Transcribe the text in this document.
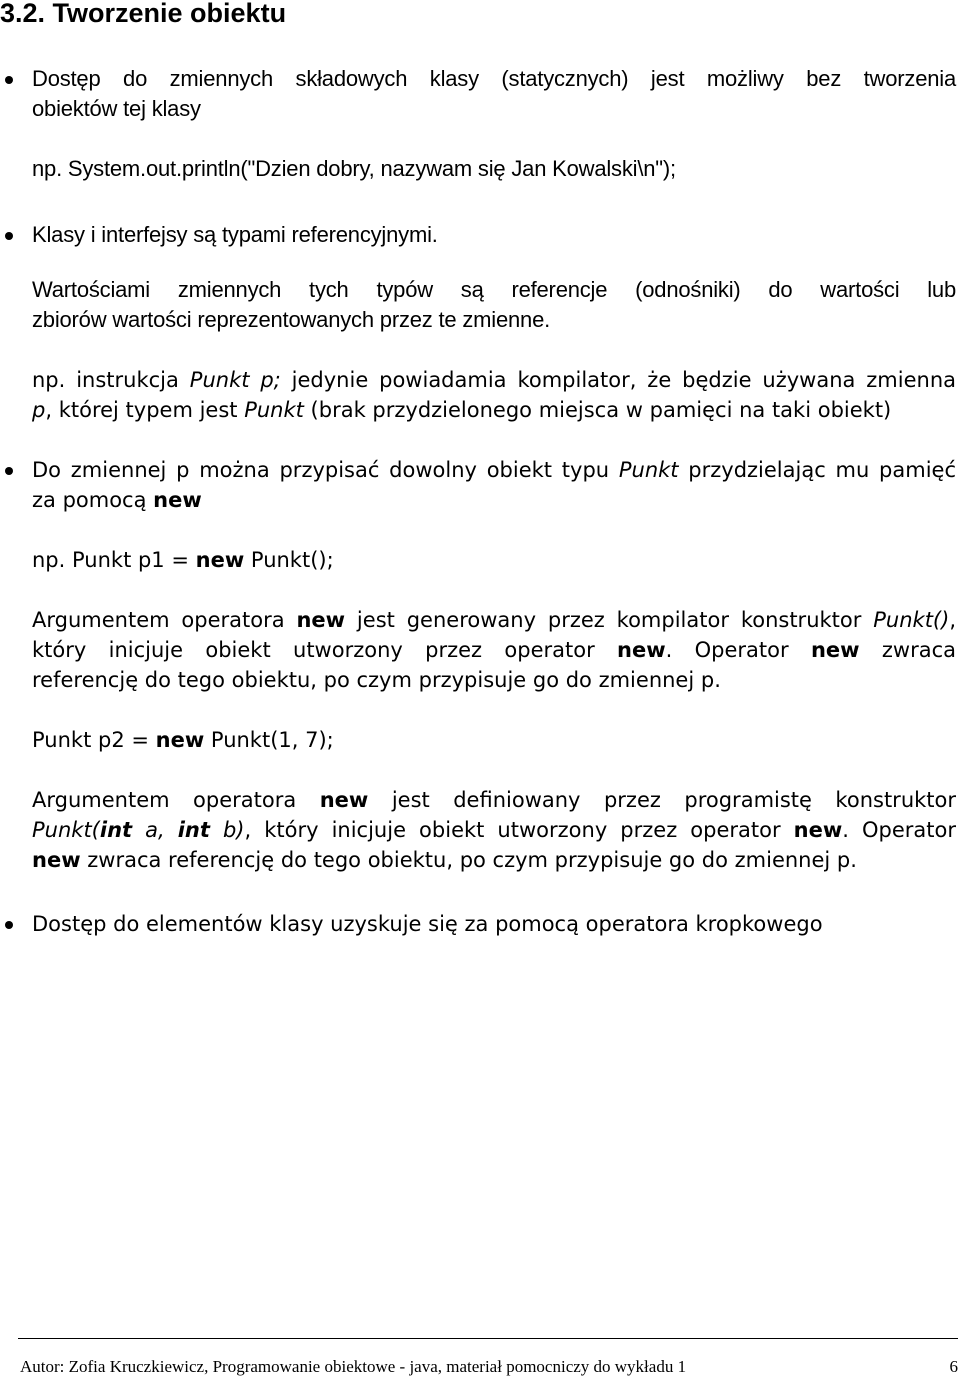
3.2. Tworzenie obiektu
Dostęp do zmiennych składowych klasy (statycznych) jest możliwy bez tworzenia
obiektów tej klasy
np. System.out.println("Dzien dobry, nazywam się Jan Kowalski\n");
Klasy i interfejsy są typami referencyjnymi.
Wartościami zmiennych tych typów są referencje (odnośniki) do wartości lub
zbiorów wartości reprezentowanych przez te zmienne.
np. instrukcja Punkt p; jedynie powiadamia kompilator, że będzie używana zmienna
p, której typem jest Punkt (brak przydzielonego miejsca w pamięci na taki obiekt)
Do zmiennej p można przypisać dowolny obiekt typu Punkt przydzielając mu pamięć
za pomocą new
np. Punkt p1 = new Punkt();
Argumentem operatora new jest generowany przez kompilator konstruktor Punkt(),
który inicjuje obiekt utworzony przez operator new. Operator new zwraca
referencję do tego obiektu, po czym przypisuje go do zmiennej p.
Punkt p2 = new Punkt(1, 7);
Argumentem operatora new jest definiowany przez programistę konstruktor
Punkt(int a, int b), który inicjuje obiekt utworzony przez operator new. Operator
new zwraca referencję do tego obiektu, po czym przypisuje go do zmiennej p.
Dostęp do elementów klasy uzyskuje się za pomocą operatora kropkowego
Autor: Zofia Kruczkiewicz, Programowanie obiektowe - java, materiał pomocniczy do wykładu 1	6
